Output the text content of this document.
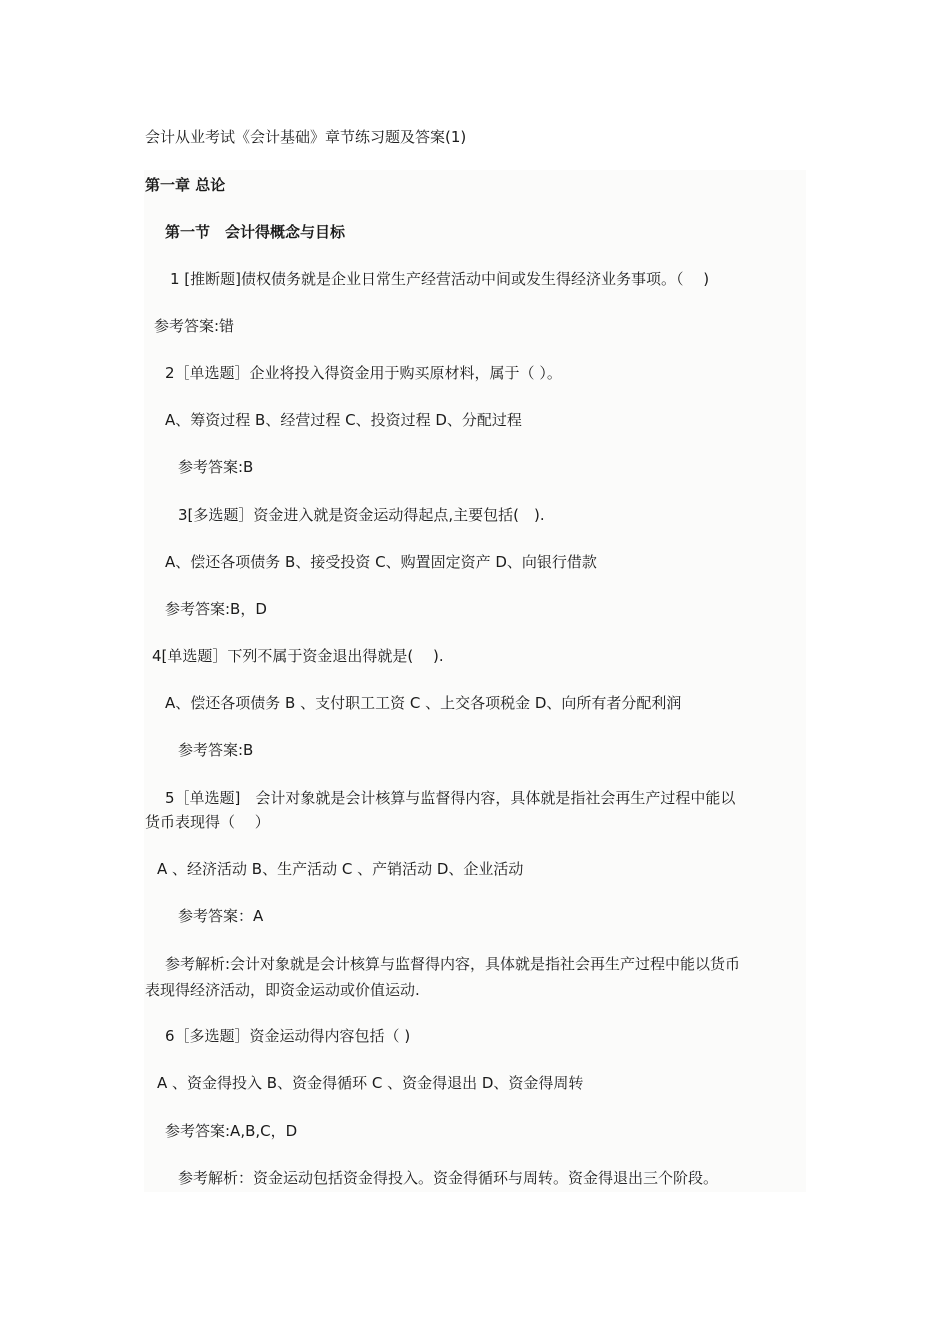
会计从业考试《会计基础》章节练习题及答案(1)
第一章 总论
第一节　会计得概念与目标
1 [推断题]债权债务就是企业日常生产经营活动中间或发生得经济业务事项。（　 )
参考答案:错
2［单选题］企业将投入得资金用于购买原材料，属于（ ）。
A、筹资过程 B、经营过程 C、投资过程 D、分配过程
参考答案:B
3[多选题］资金进入就是资金运动得起点,主要包括(　).
A、偿还各项债务 B、接受投资 C、购置固定资产 D、向银行借款
参考答案:B，D
4[单选题］下列不属于资金退出得就是(　 ).
A、偿还各项债务 B 、支付职工工资 C 、上交各项税金 D、向所有者分配利润
参考答案:B
5［单选题]　会计对象就是会计核算与监督得内容，具体就是指社会再生产过程中能以
货币表现得（　 ）
A 、经济活动 B、生产活动 C 、产销活动 D、企业活动
参考答案：A
参考解析:会计对象就是会计核算与监督得内容，具体就是指社会再生产过程中能以货币
表现得经济活动，即资金运动或价值运动.
6［多选题］资金运动得内容包括（ )
A 、资金得投入 B、资金得循环 C 、资金得退出 D、资金得周转
参考答案:A,B,C，D
参考解析：资金运动包括资金得投入。资金得循环与周转。资金得退出三个阶段。
